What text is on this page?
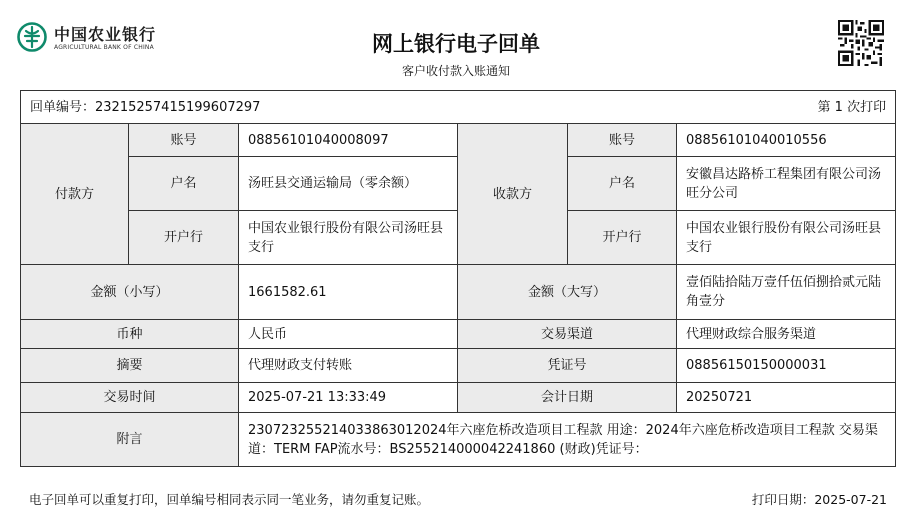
中国农业银行
AGRICULTURAL BANK OF CHINA	网上银行电子回单
客户收付款入账通知
回单编号：23215257415199607297 第 1 次打印					

付款方	账号	08856101040008097	收款方	账号	08856101040010556
	户名	汤旺县交通运输局（零余额）		户名	安徽昌达路桥工程集团有限公司汤旺分公司
	开户行	中国农业银行股份有限公司汤旺县支行		开户行	中国农业银行股份有限公司汤旺县支行
金额（小写）		1661582.61	金额（大写）		壹佰陆拾陆万壹仟伍佰捌拾贰元陆角壹分
币种		人民币	交易渠道		代理财政综合服务渠道
摘要		代理财政支付转账	凭证号		08856150150000031
交易时间		2025-07-21 13:33:49	会计日期		20250721
附言		230723255214033863012024年六座危桥改造项目工程款 用途：2024年六座危桥改造项目工程款 交易渠道：TERM FAP流水号：BS255214000042241860 (财政)凭证号：			
电子回单可以重复打印，回单编号相同表示同一笔业务，请勿重复记账。	打印日期：2025-07-21
